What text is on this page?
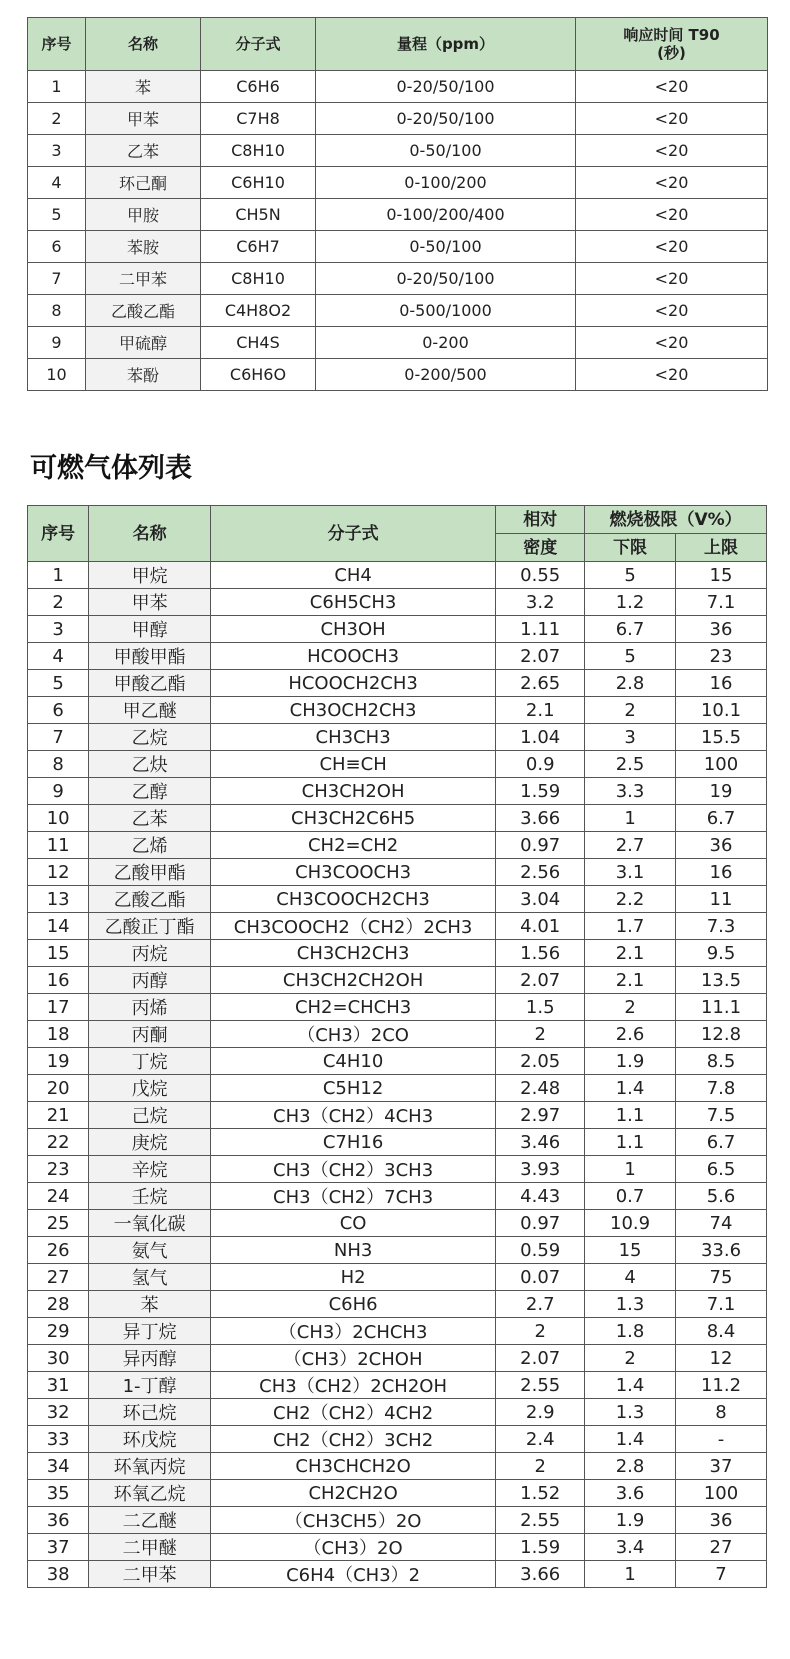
序号	名称	分子式	量程（ppm）	响应时间 T90
(秒)

1	苯	C6H6	0-20/50/100	<20
2	甲苯	C7H8	0-20/50/100	<20
3	乙苯	C8H10	0-50/100	<20
4	环己酮	C6H10	0-100/200	<20
5	甲胺	CH5N	0-100/200/400	<20
6	苯胺	C6H7	0-50/100	<20
7	二甲苯	C8H10	0-20/50/100	<20
8	乙酸乙酯	C4H8O2	0-500/1000	<20
9	甲硫醇	CH4S	0-200	<20
10	苯酚	C6H6O	0-200/500	<20
可燃气体列表
序号	名称	分子式	相对	燃烧极限（V%）	
			密度	下限	上限
1	甲烷	CH4	0.55	5	15
2	甲苯	C6H5CH3	3.2	1.2	7.1
3	甲醇	CH3OH	1.11	6.7	36
4	甲酸甲酯	HCOOCH3	2.07	5	23
5	甲酸乙酯	HCOOCH2CH3	2.65	2.8	16
6	甲乙醚	CH3OCH2CH3	2.1	2	10.1
7	乙烷	CH3CH3	1.04	3	15.5
8	乙炔	CH≡CH	0.9	2.5	100
9	乙醇	CH3CH2OH	1.59	3.3	19
10	乙苯	CH3CH2C6H5	3.66	1	6.7
11	乙烯	CH2=CH2	0.97	2.7	36
12	乙酸甲酯	CH3COOCH3	2.56	3.1	16
13	乙酸乙酯	CH3COOCH2CH3	3.04	2.2	11
14	乙酸正丁酯	CH3COOCH2（CH2）2CH3	4.01	1.7	7.3
15	丙烷	CH3CH2CH3	1.56	2.1	9.5
16	丙醇	CH3CH2CH2OH	2.07	2.1	13.5
17	丙烯	CH2=CHCH3	1.5	2	11.1
18	丙酮	（CH3）2CO	2	2.6	12.8
19	丁烷	C4H10	2.05	1.9	8.5
20	戊烷	C5H12	2.48	1.4	7.8
21	己烷	CH3（CH2）4CH3	2.97	1.1	7.5
22	庚烷	C7H16	3.46	1.1	6.7
23	辛烷	CH3（CH2）3CH3	3.93	1	6.5
24	壬烷	CH3（CH2）7CH3	4.43	0.7	5.6
25	一氧化碳	CO	0.97	10.9	74
26	氨气	NH3	0.59	15	33.6
27	氢气	H2	0.07	4	75
28	苯	C6H6	2.7	1.3	7.1
29	异丁烷	（CH3）2CHCH3	2	1.8	8.4
30	异丙醇	（CH3）2CHOH	2.07	2	12
31	1-丁醇	CH3（CH2）2CH2OH	2.55	1.4	11.2
32	环己烷	CH2（CH2）4CH2	2.9	1.3	8
33	环戊烷	CH2（CH2）3CH2	2.4	1.4	-
34	环氧丙烷	CH3CHCH2O	2	2.8	37
35	环氧乙烷	CH2CH2O	1.52	3.6	100
36	二乙醚	（CH3CH5）2O	2.55	1.9	36
37	二甲醚	（CH3）2O	1.59	3.4	27
38	二甲苯	C6H4（CH3）2	3.66	1	7
